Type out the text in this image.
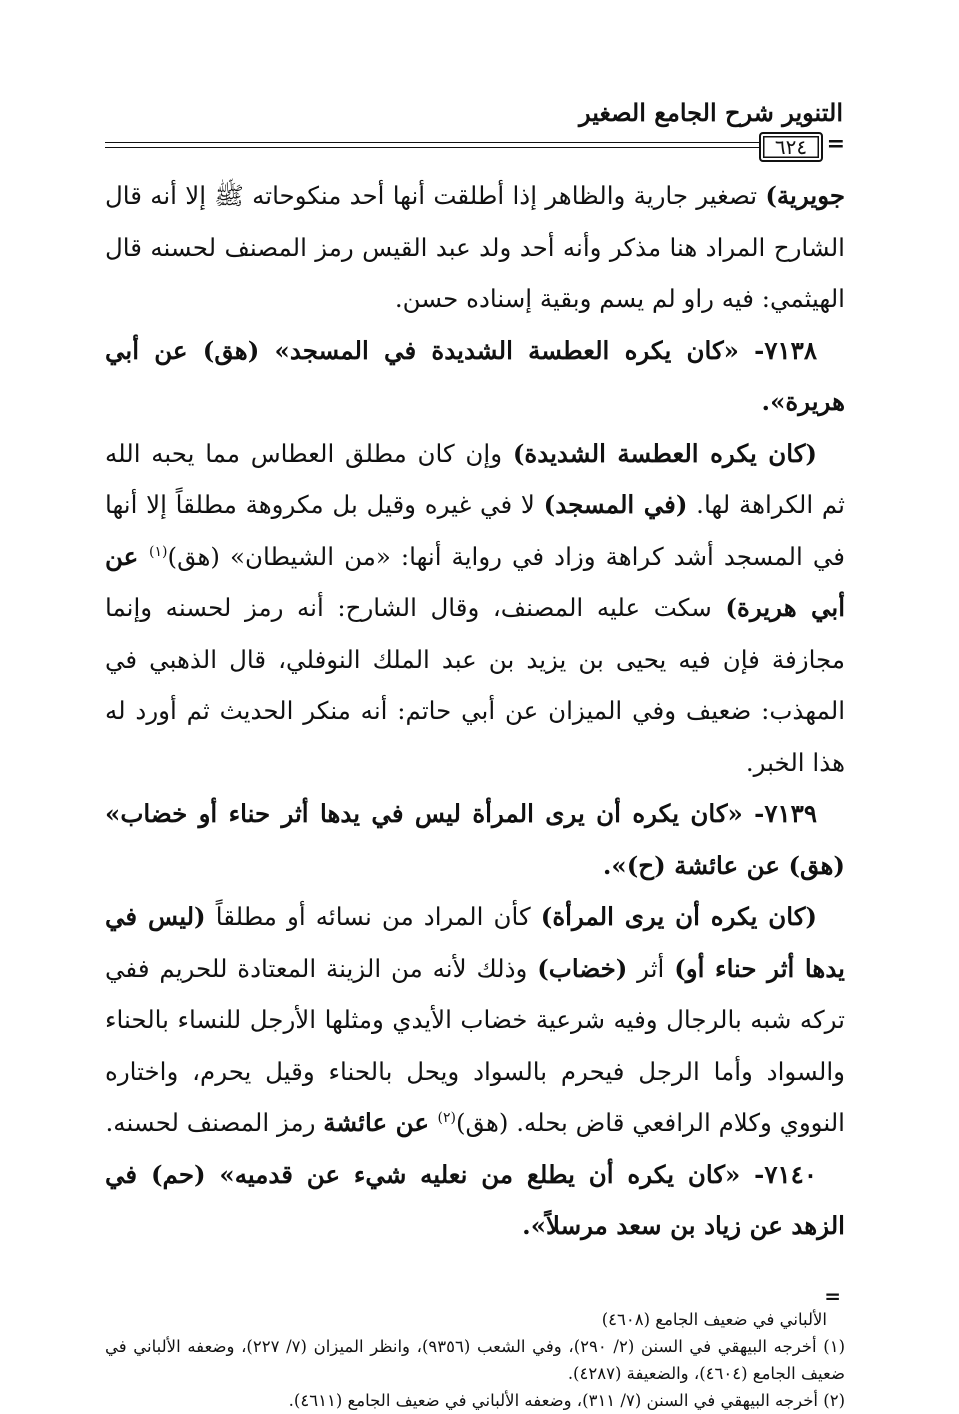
التنوير شرح الجامع الصغير
٦٢٤ =

جويرية) تصغير جارية والظاهر إذا أطلقت أنها أحد منكوحاته ﷺ إلا أنه قال الشارح المراد هنا مذكر وأنه أحد ولد عبد القيس رمز المصنف لحسنه قال الهيثمي: فيه راو لم يسم وبقية إسناده حسن.

٧١٣٨- «كان يكره العطسة الشديدة في المسجد» (هق) عن أبي هريرة».

(كان يكره العطسة الشديدة) وإن كان مطلق العطاس مما يحبه الله ثم الكراهة لها. (في المسجد) لا في غيره وقيل بل مكروهة مطلقاً إلا أنها في المسجد أشد كراهة وزاد في رواية أنها: «من الشيطان» (هق)$^{(١)}$ عن أبي هريرة) سكت عليه المصنف، وقال الشارح: أنه رمز لحسنه وإنما مجازفة فإن فيه يحيى بن يزيد بن عبد الملك النوفلي، قال الذهبي في المهذب: ضعيف وفي الميزان عن أبي حاتم: أنه منكر الحديث ثم أورد له هذا الخبر.

٧١٣٩- «كان يكره أن يرى المرأة ليس في يدها أثر حناء أو خضاب» (هق) عن عائشة (ح)».

(كان يكره أن يرى المرأة) كأن المراد من نسائه أو مطلقاً (ليس في يدها أثر حناء أو) أثر (خضاب) وذلك لأنه من الزينة المعتادة للحريم ففي تركه شبه بالرجال وفيه شرعية خضاب الأيدي ومثلها الأرجل للنساء بالحناء والسواد وأما الرجل فيحرم بالسواد ويحل بالحناء وقيل يحرم، واختاره النووي وكلام الرافعي قاض بحله. (هق)$^{(٢)}$ عن عائشة رمز المصنف لحسنه.

٧١٤٠- «كان يكره أن يطلع من نعليه شيء عن قدميه» (حم) في الزهد عن زياد بن سعد مرسلاً».

=

الألباني في ضعيف الجامع (٤٦٠٨)

(١) أخرجه البيهقي في السنن (٢/ ٢٩٠)، وفي الشعب (٩٣٥٦)، وانظر الميزان (٧/ ٢٢٧)، وضعفه الألباني في ضعيف الجامع (٤٦٠٤)، والضعيفة (٤٢٨٧).

(٢) أخرجه البيهقي في السنن (٧/ ٣١١)، وضعفه الألباني في ضعيف الجامع (٤٦١١).
